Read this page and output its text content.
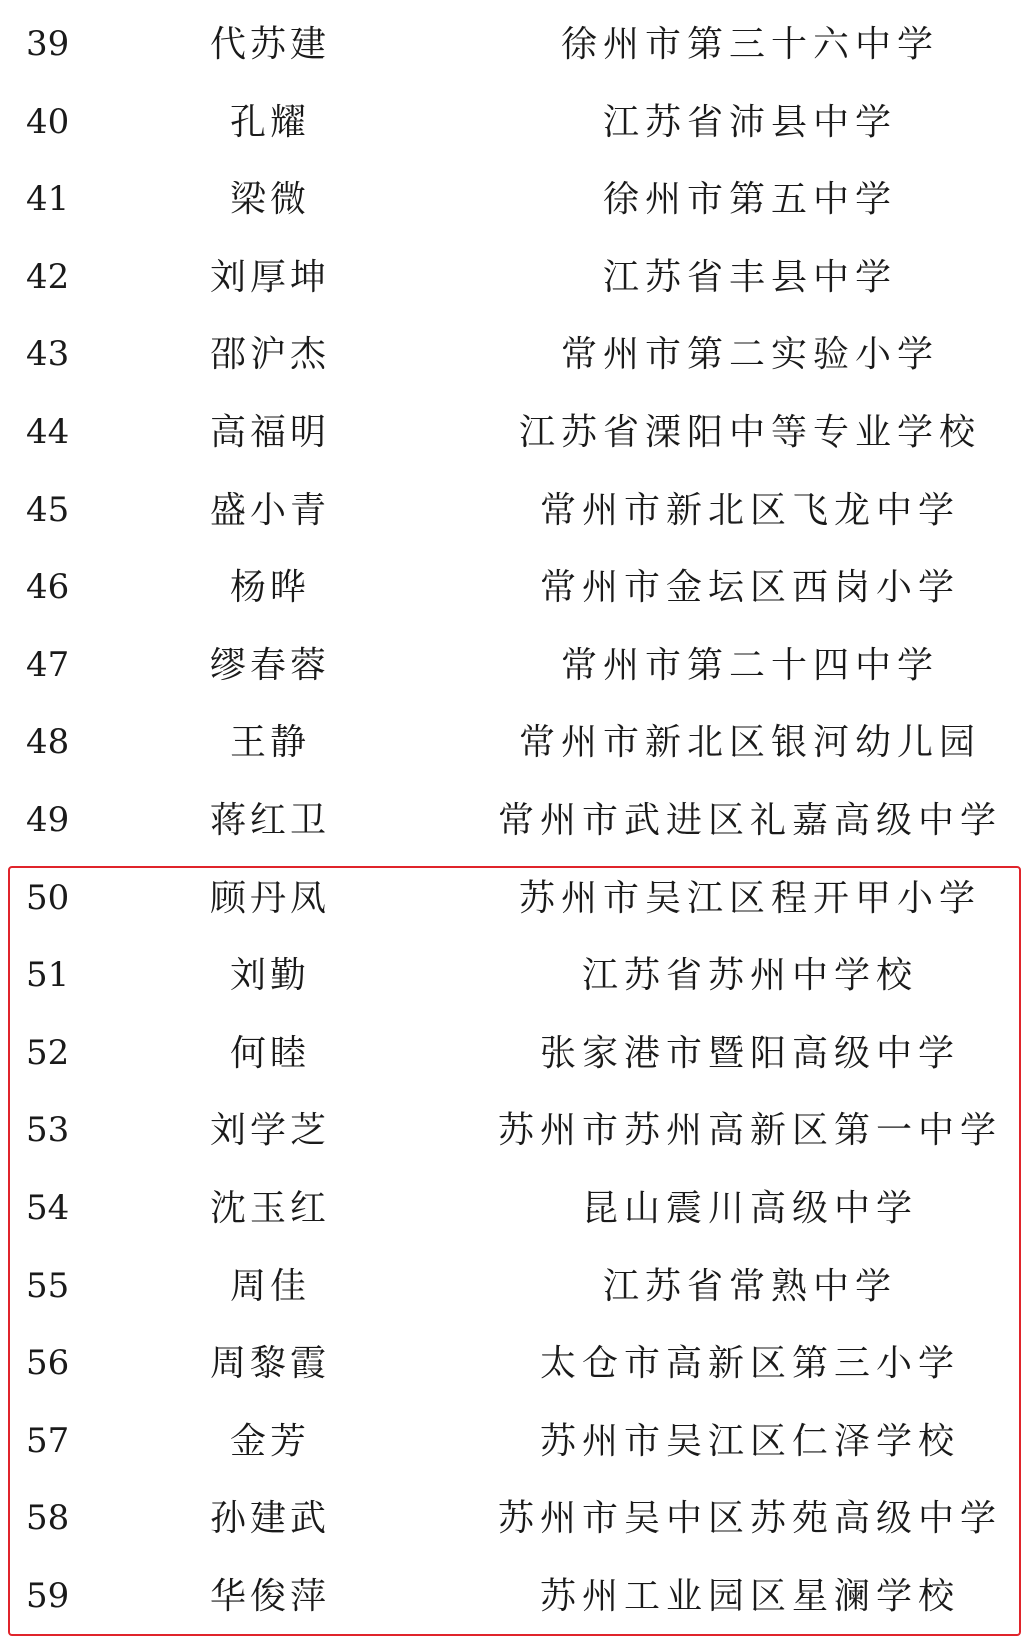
39	代苏建	徐州市第三十六中学
40	孔耀	江苏省沛县中学
41	梁微	徐州市第五中学
42	刘厚坤	江苏省丰县中学
43	邵沪杰	常州市第二实验小学
44	高福明	江苏省溧阳中等专业学校
45	盛小青	常州市新北区飞龙中学
46	杨晔	常州市金坛区西岗小学
47	缪春蓉	常州市第二十四中学
48	王静	常州市新北区银河幼儿园
49	蒋红卫	常州市武进区礼嘉高级中学
50	顾丹凤	苏州市吴江区程开甲小学
51	刘勤	江苏省苏州中学校
52	何睦	张家港市暨阳高级中学
53	刘学芝	苏州市苏州高新区第一中学
54	沈玉红	昆山震川高级中学
55	周佳	江苏省常熟中学
56	周黎霞	太仓市高新区第三小学
57	金芳	苏州市吴江区仁泽学校
58	孙建武	苏州市吴中区苏苑高级中学
59	华俊萍	苏州工业园区星澜学校
